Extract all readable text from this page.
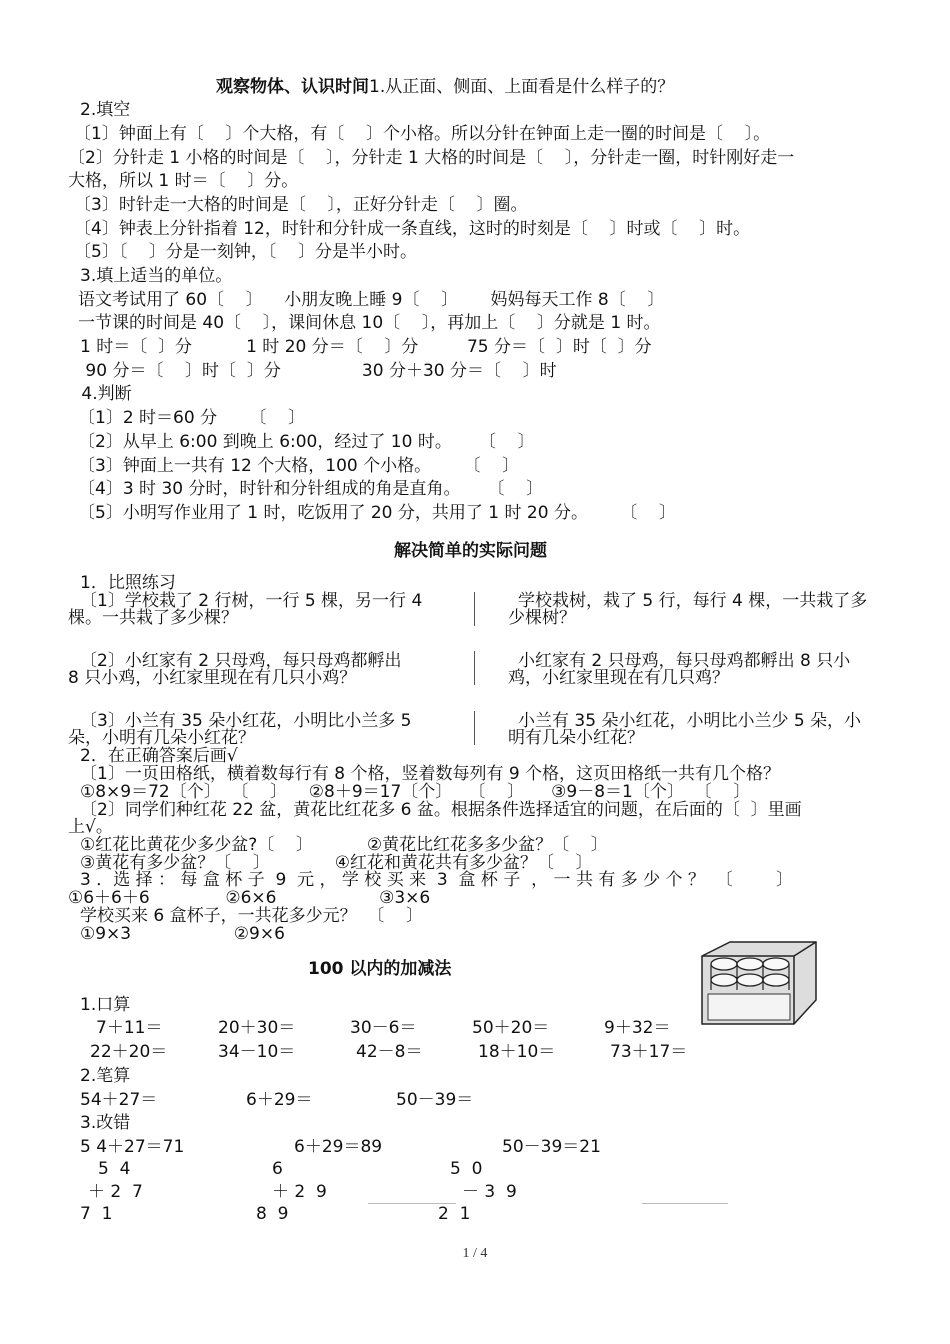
观察物体、认识时间1.从正面、侧面、上面看是什么样子的？
2.填空
〔1〕钟面上有〔    〕个大格，有〔    〕个小格。所以分针在钟面上走一圈的时间是〔    〕。
〔2〕分针走 1 小格的时间是〔    〕，分针走 1 大格的时间是〔    〕，分针走一圈，时针刚好走一
大格，所以 1 时＝〔    〕分。
〔3〕时针走一大格的时间是〔    〕，正好分针走〔    〕圈。
〔4〕钟表上分针指着 12，时针和分针成一条直线，这时的时刻是〔    〕时或〔    〕时。
〔5〕〔    〕分是一刻钟，〔    〕分是半小时。
3.填上适当的单位。
语文考试用了 60〔    〕    小朋友晚上睡 9〔    〕      妈妈每天工作 8〔    〕
一节课的时间是 40〔    〕，课间休息 10〔    〕，再加上〔    〕分就是 1 时。
1 时＝〔  〕分          1 时 20 分＝〔    〕分         75 分＝〔  〕时〔  〕分
90 分＝〔    〕时〔  〕分               30 分＋30 分＝〔    〕时
4.判断
〔1〕2 时＝60 分      〔    〕
〔2〕从早上 6:00 到晚上 6:00，经过了 10 时。     〔    〕
〔3〕钟面上一共有 12 个大格，100 个小格。      〔    〕
〔4〕3 时 30 分时，时针和分针组成的角是直角。     〔    〕
〔5〕小明写作业用了 1 时，吃饭用了 20 分，共用了 1 时 20 分。      〔    〕
解决简单的实际问题
1．比照练习
〔1〕学校栽了 2 行树，一行 5 棵，另一行 4
棵。一共栽了多少棵？
学校栽树，栽了 5 行，每行 4 棵，一共栽了多
少棵树？
〔2〕小红家有 2 只母鸡，每只母鸡都孵出
8 只小鸡，小红家里现在有几只小鸡？
小红家有 2 只母鸡，每只母鸡都孵出 8 只小
鸡，小红家里现在有几只鸡？
〔3〕小兰有 35 朵小红花，小明比小兰多 5
朵，小明有几朵小红花？
小兰有 35 朵小红花，小明比小兰少 5 朵，小
明有几朵小红花？
2．在正确答案后画√
〔1〕一页田格纸，横着数每行有 8 个格，竖着数每列有 9 个格，这页田格纸一共有几个格？
①8×9＝72〔个〕  〔    〕    ②8＋9＝17〔个〕   〔    〕     ③9－8＝1〔个〕  〔    〕
〔2〕同学们种红花 22 盆，黄花比红花多 6 盆。根据条件选择适宜的问题，在后面的〔  〕里画
上√。
①红花比黄花少多少盆?〔    〕          ②黄花比红花多多少盆？〔    〕
③黄花有多少盆？〔    〕            ④红花和黄花共有多少盆？〔    〕
3 ．选 择 ： 每 盒 杯 子  9  元 ， 学 校 买 来  3  盒 杯 子  ， 一 共 有 多 少 个 ？  〔        〕
①6＋6＋6              ②6×6                   ③3×6
学校买来 6 盒杯子，一共花多少元？  〔    〕
①9×3                   ②9×6
100 以内的加减法
1.口算
7＋11＝	20＋30＝	30－6＝	50＋20＝	9＋32＝
22＋20＝	34－10＝	42－8＝	18＋10＝	73＋17＝
2.笔算
54＋27＝	6＋29＝	50－39＝
3.改错
5 4＋27＝71	6＋29＝89	50－39＝21
5  4
＋ 2  7
7  1
6
＋ 2  9
8  9
5  0
－ 3  9
2  1
1 / 4
